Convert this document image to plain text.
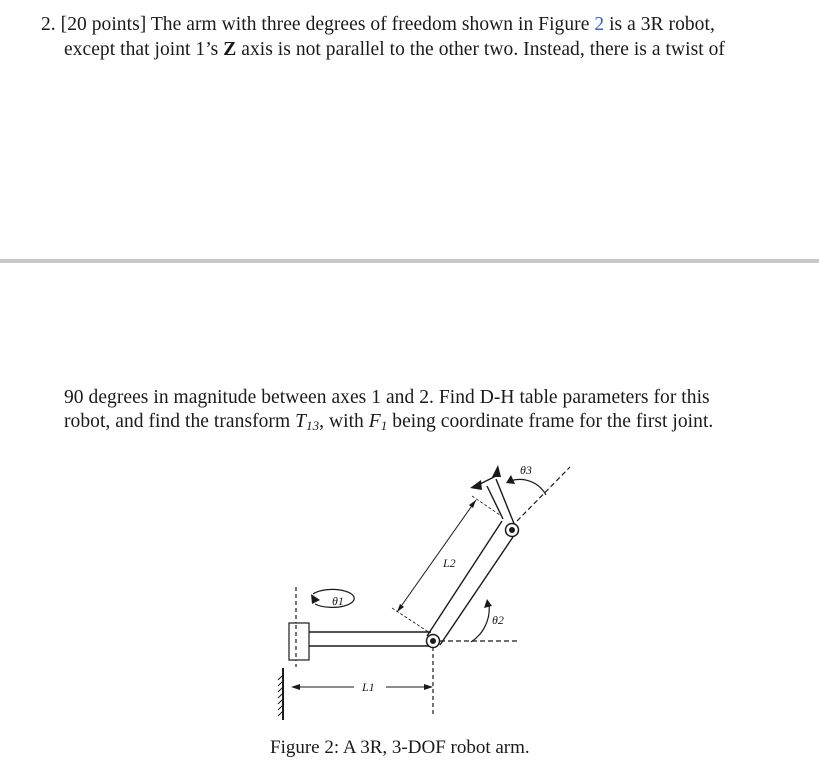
2. [20 points] The arm with three degrees of freedom shown in Figure 2 is a 3R robot,
except that joint 1’s Z axis is not parallel to the other two. Instead, there is a twist of
90 degrees in magnitude between axes 1 and 2. Find D-H table parameters for this
robot, and find the transform $T_{13}$, with $F_1$ being coordinate frame for the first joint.
θ1
θ2
θ3
L2
L1
Figure 2: A 3R, 3-DOF robot arm.
